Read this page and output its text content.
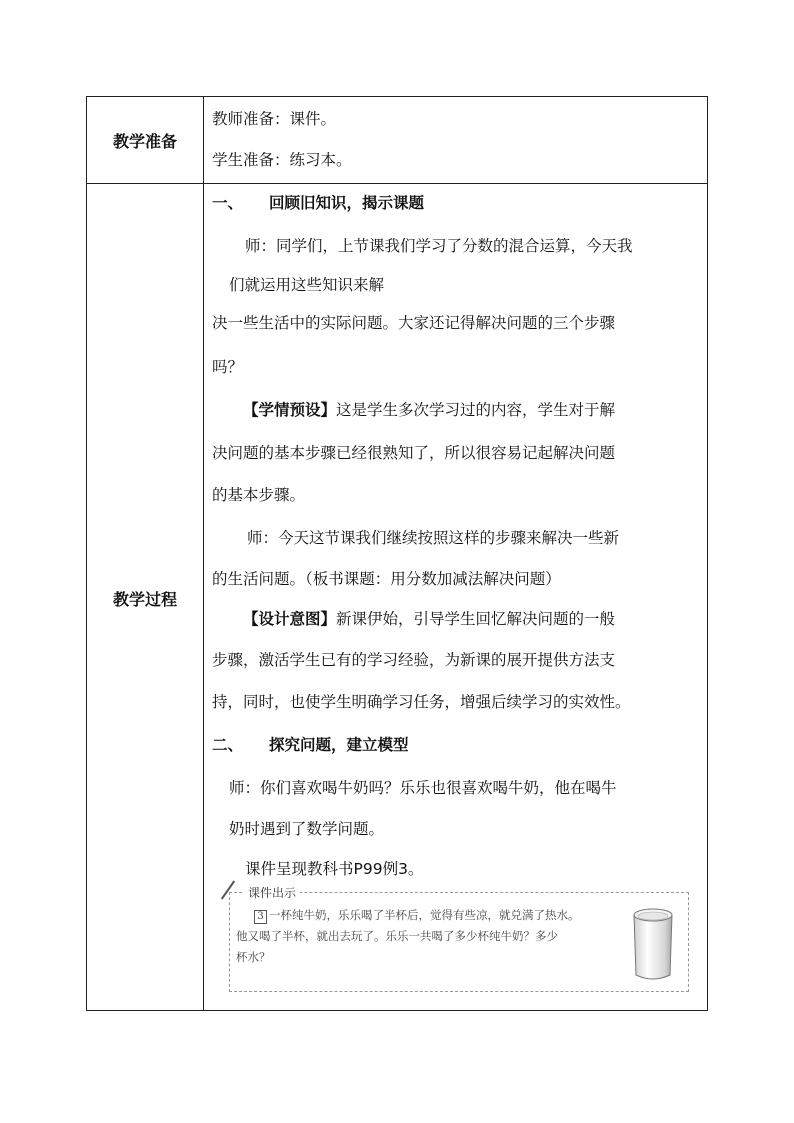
教学准备
教师准备：课件。
学生准备：练习本。
教学过程
一、 回顾旧知识，揭示课题
师：同学们，上节课我们学习了分数的混合运算，今天我
们就运用这些知识来解
决一些生活中的实际问题。大家还记得解决问题的三个步骤
吗？
【学情预设】这是学生多次学习过的内容，学生对于解
决问题的基本步骤已经很熟知了，所以很容易记起解决问题
的基本步骤。
师：今天这节课我们继续按照这样的步骤来解决一些新
的生活问题。（板书课题：用分数加减法解决问题）
【设计意图】新课伊始，引导学生回忆解决问题的一般
步骤，激活学生已有的学习经验，为新课的展开提供方法支
持，同时，也使学生明确学习任务，增强后续学习的实效性。
二、 探究问题，建立模型
师：你们喜欢喝牛奶吗？乐乐也很喜欢喝牛奶，他在喝牛
奶时遇到了数学问题。
课件呈现教科书P99例3。
课件出示
3 一杯纯牛奶，乐乐喝了半杯后，觉得有些凉，就兑满了热水。
他又喝了半杯，就出去玩了。乐乐一共喝了多少杯纯牛奶？多少
杯水？
